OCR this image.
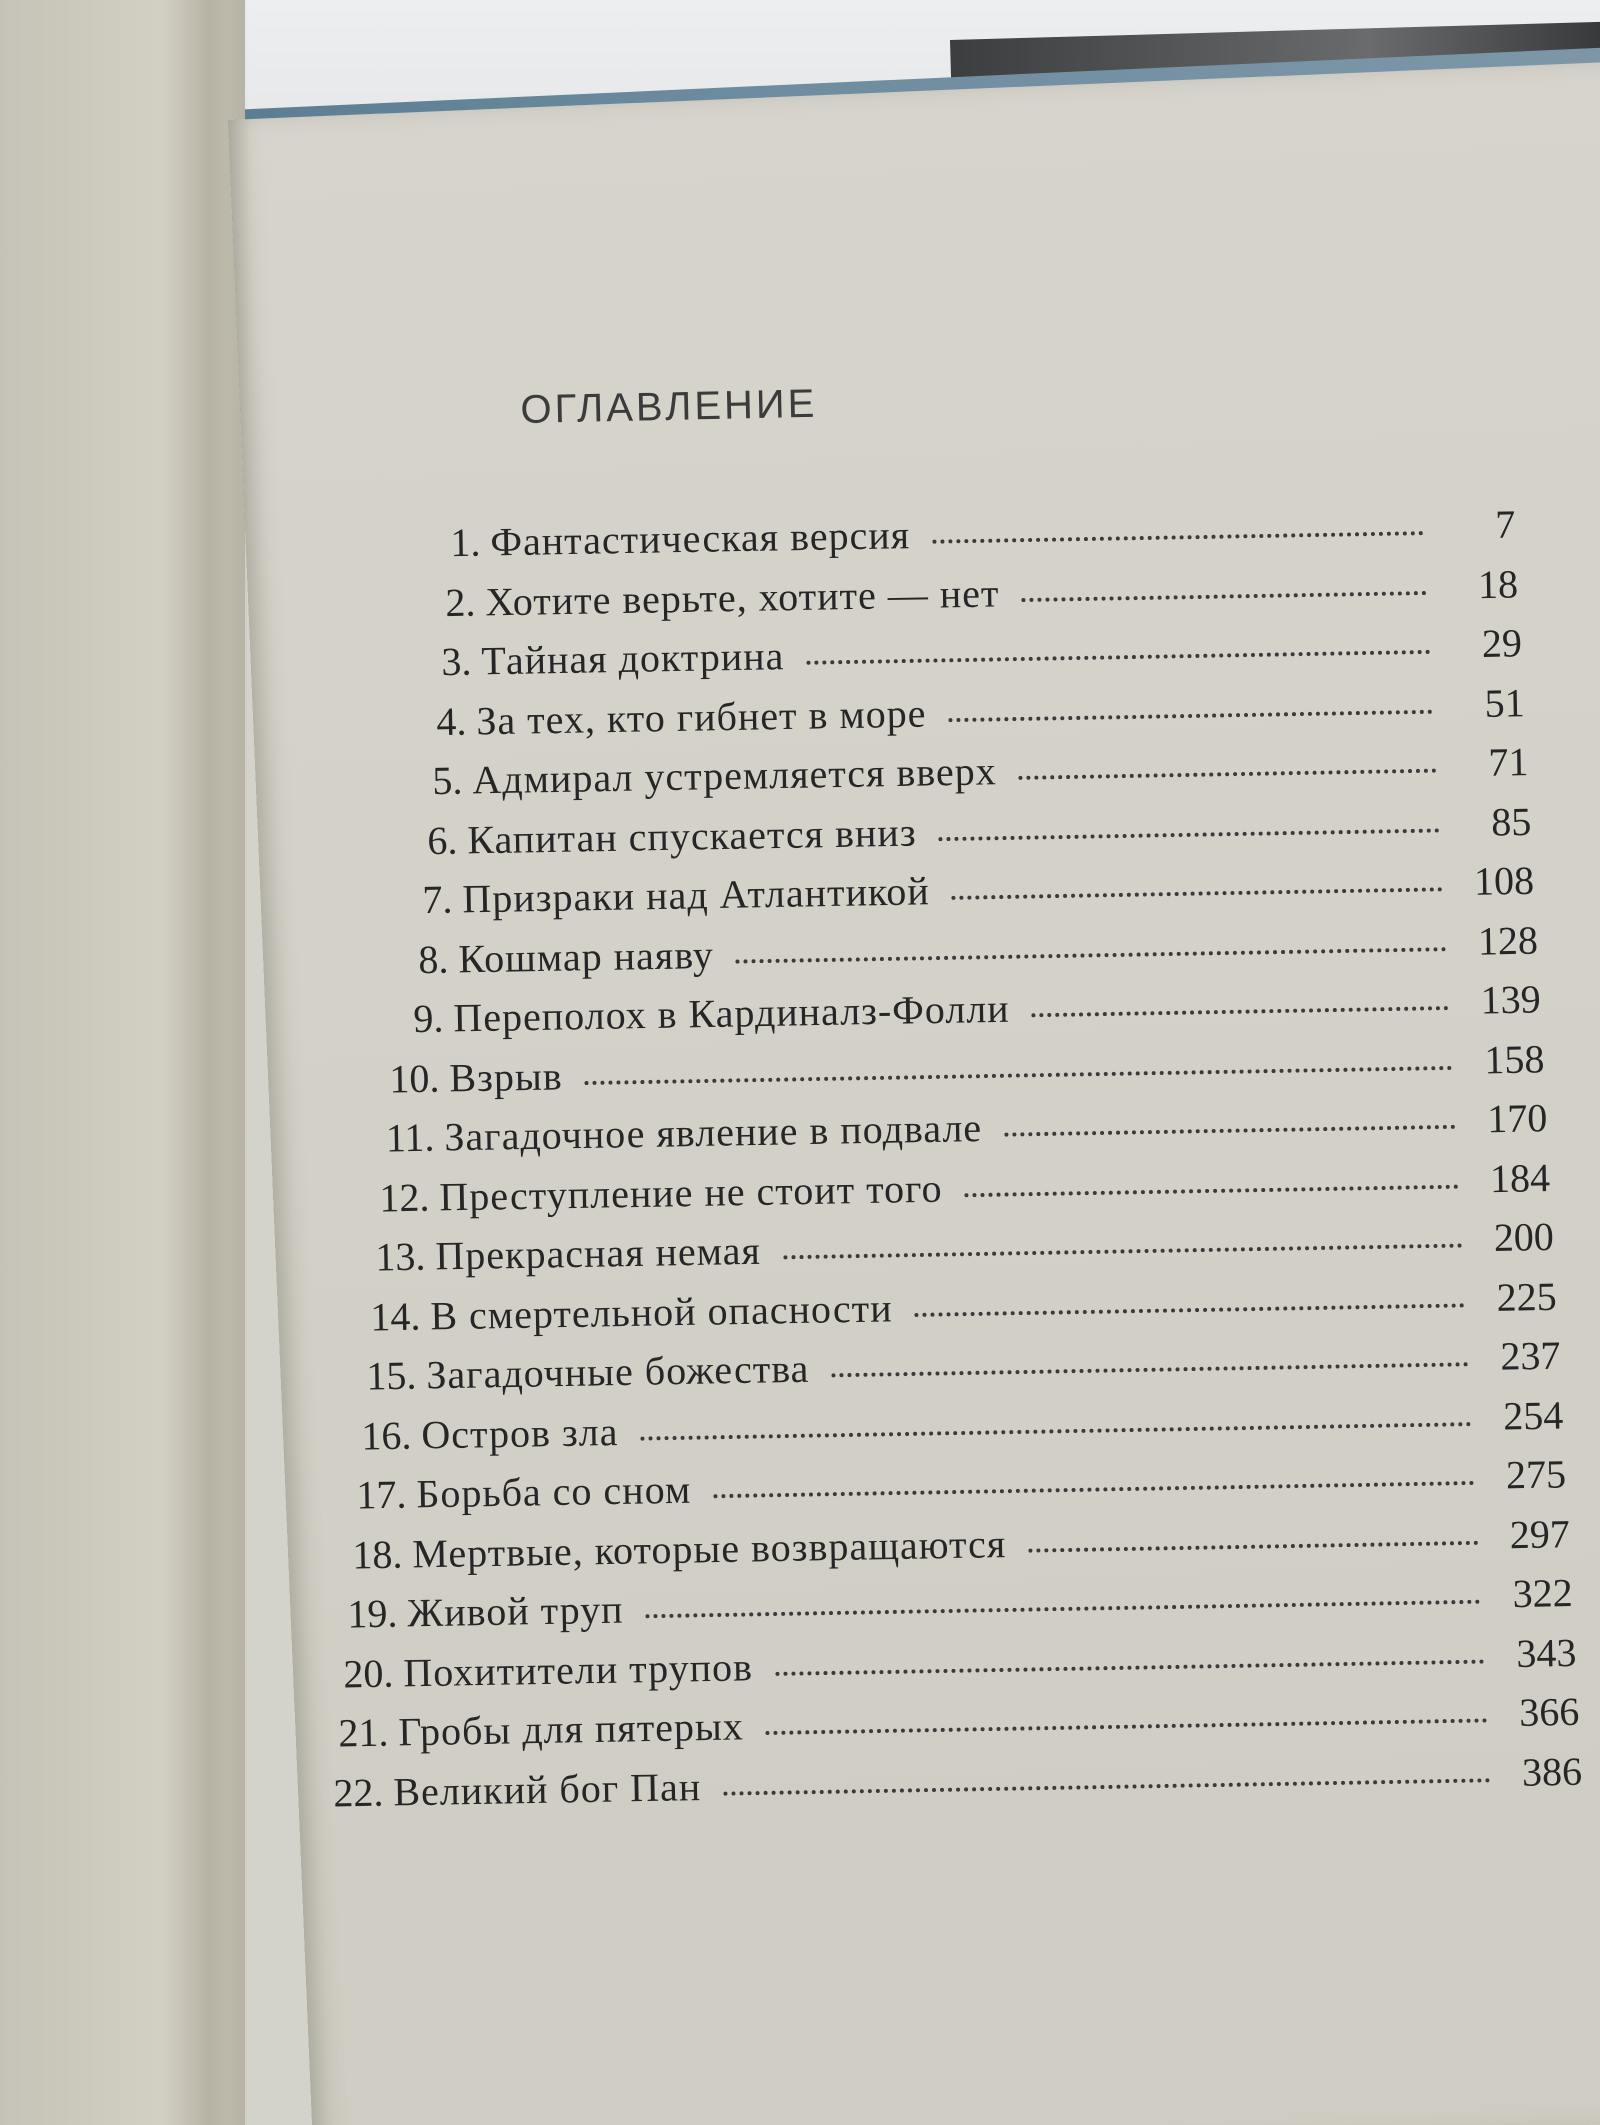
ОГЛАВЛЕНИЕ
1. Фантастическая версия	7
2. Хотите верьте, хотите — нет	18
3. Тайная доктрина	29
4. За тех, кто гибнет в море	51
5. Адмирал устремляется вверх	71
6. Капитан спускается вниз	85
7. Призраки над Атлантикой	108
8. Кошмар наяву	128
9. Переполох в Кардиналз-Фолли	139
10. Взрыв	158
11. Загадочное явление в подвале	170
12. Преступление не стоит того	184
13. Прекрасная немая	200
14. В смертельной опасности	225
15. Загадочные божества	237
16. Остров зла	254
17. Борьба со сном	275
18. Мертвые, которые возвращаются	297
19. Живой труп	322
20. Похитители трупов	343
21. Гробы для пятерых	366
22. Великий бог Пан	386
